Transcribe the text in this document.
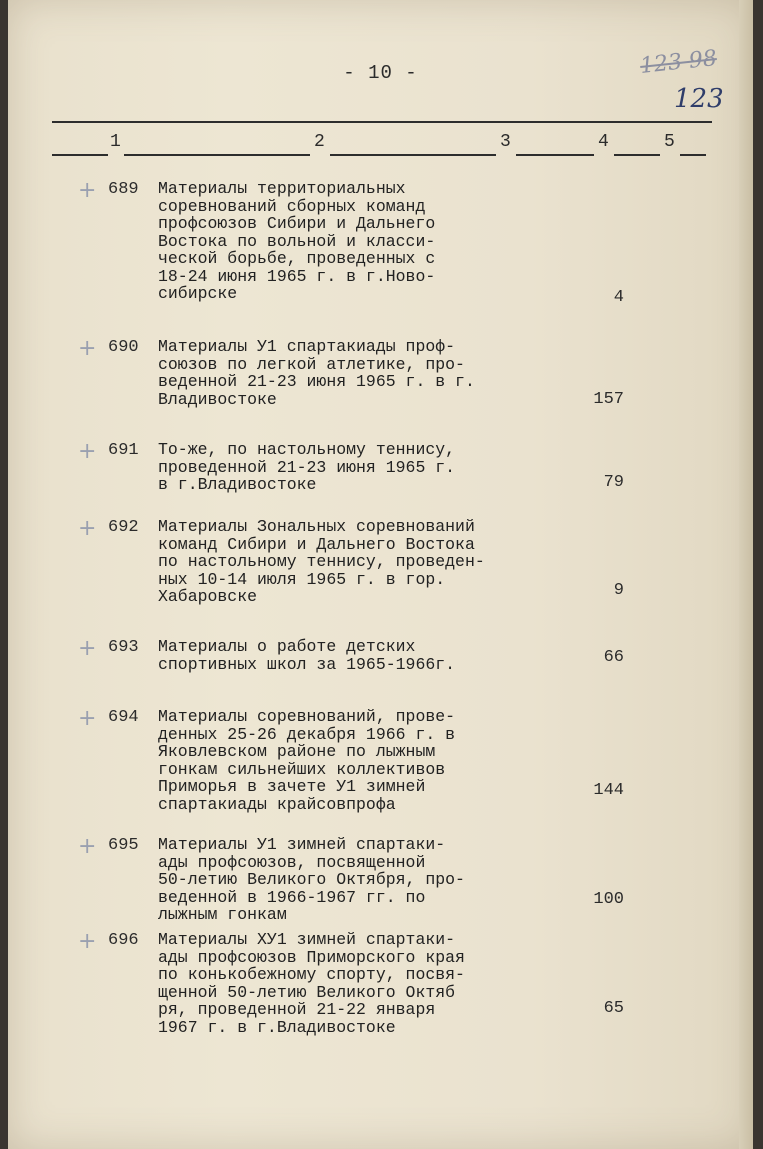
- 10 -	123 98
123
1	2	3	4	5
+ 689 Материалы территориальных
соревнований сборных команд
профсоюзов Сибири и Дальнего
Востока по вольной и класси-
ческой борьбе, проведенных с
18-24 июня 1965 г. в г.Ново-
сибирске	4
+ 690 Материалы У1 спартакиады проф-
союзов по легкой атлетике, про-
веденной 21-23 июня 1965 г. в г.
Владивостоке	157
+ 691 То-же, по настольному теннису,
проведенной 21-23 июня 1965 г.
в г.Владивостоке	79
+ 692 Материалы Зональных соревнований
команд Сибири и Дальнего Востока
по настольному теннису, проведен-
ных 10-14 июля 1965 г. в гор.
Хабаровске	9
+ 693 Материалы о работе детских
спортивных школ за 1965-1966г.	66
+ 694 Материалы соревнований, прове-
денных 25-26 декабря 1966 г. в
Яковлевском районе по лыжным
гонкам сильнейших коллективов
Приморья в зачете У1 зимней
спартакиады крайсовпрофа
144
+ 695 Материалы У1 зимней спартаки-
ады профсоюзов, посвященной
50-летию Великого Октября, про-
веденной в 1966-1967 гг. по
лыжным гонкам
100
+ 696 Материалы ХУ1 зимней спартаки-
ады профсоюзов Приморского края
по конькобежному спорту, посвя-
щенной 50-летию Великого Октяб
ря, проведенной 21-22 января
1967 г. в г.Владивостоке
65
